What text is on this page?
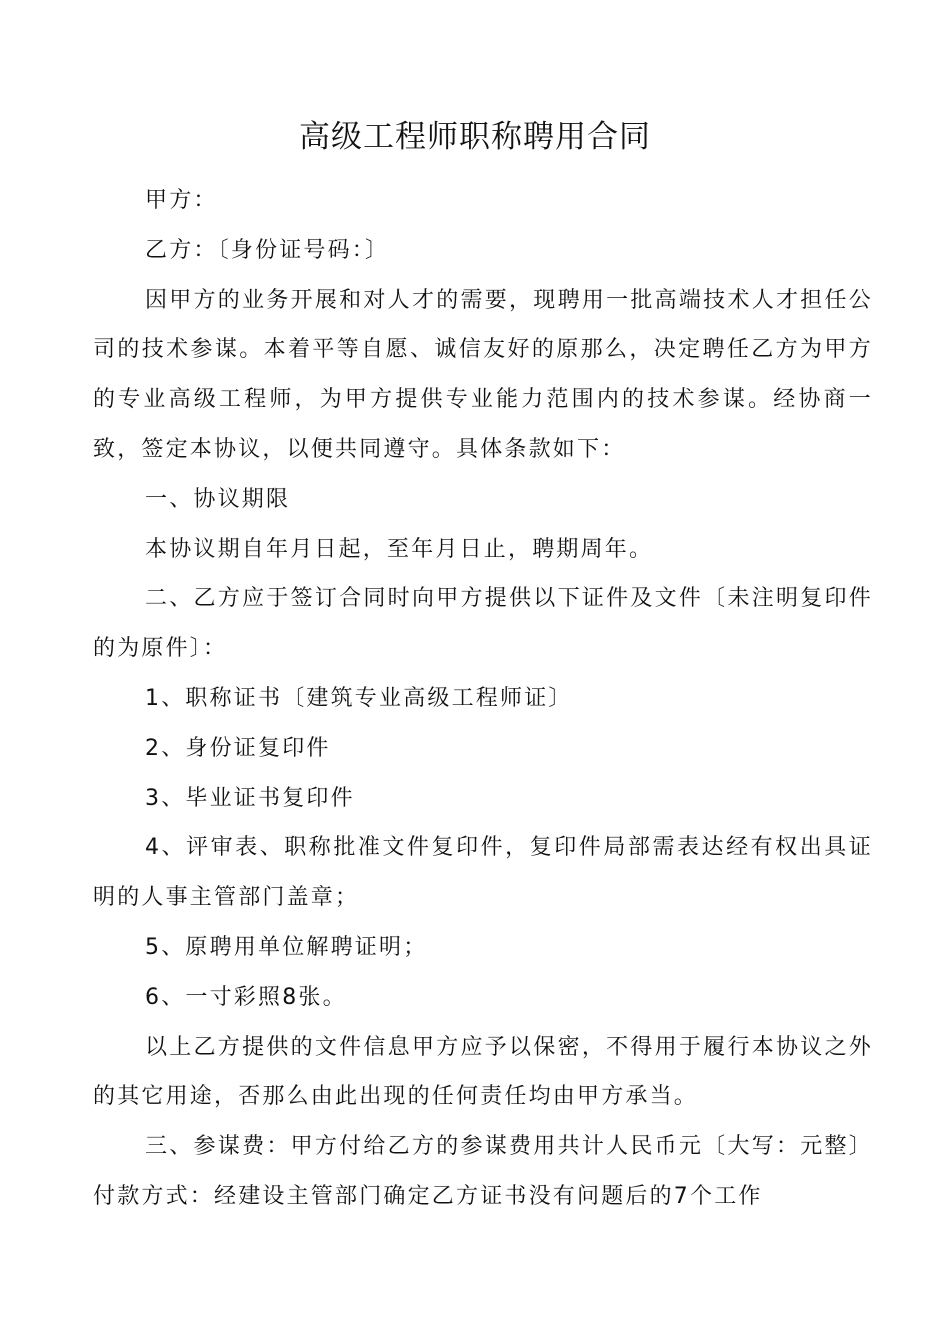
高级工程师职称聘用合同

甲方：

乙方：〔身份证号码：〕

因甲方的业务开展和对人才的需要，现聘用一批高端技术人才担任公司的技术参谋。本着平等自愿、诚信友好的原那么，决定聘任乙方为甲方的专业高级工程师，为甲方提供专业能力范围内的技术参谋。经协商一致，签定本协议，以便共同遵守。具体条款如下：

一、协议期限

本协议期自年月日起，至年月日止，聘期周年。

二、乙方应于签订合同时向甲方提供以下证件及文件〔未注明复印件的为原件〕：

1、职称证书〔建筑专业高级工程师证〕

2、身份证复印件

3、毕业证书复印件

4、评审表、职称批准文件复印件，复印件局部需表达经有权出具证明的人事主管部门盖章；

5、原聘用单位解聘证明；

6、一寸彩照8张。

以上乙方提供的文件信息甲方应予以保密，不得用于履行本协议之外的其它用途，否那么由此出现的任何责任均由甲方承当。

三、参谋费：甲方付给乙方的参谋费用共计人民币元〔大写：元整〕付款方式：经建设主管部门确定乙方证书没有问题后的7个工作
